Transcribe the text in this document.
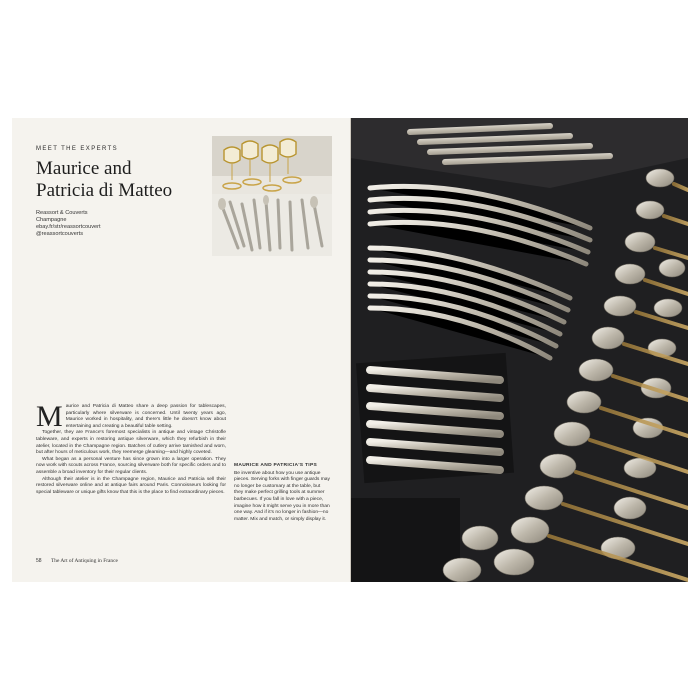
MEET THE EXPERTS
Maurice and
Patricia di Matteo
Reassort & Couverts
Champagne
ebay.fr/str/reassortcouvert
@reassortcouverts

Maurice and Patricia di Matteo share a deep passion for tablescapes, particularly where silverware is concerned. Until twenty years ago, Maurice worked in hospitality, and there's little he doesn't know about entertaining and creating a beautiful table setting.

Together, they are France's foremost specialists in antique and vintage Christofle tableware, and experts in restoring antique silverware, which they refurbish in their atelier, located in the Champagne region. Batches of cutlery arrive tarnished and worn, but after hours of meticulous work, they reemerge gleaming—and highly coveted.

What began as a personal venture has since grown into a larger operation. They now work with scouts across France, sourcing silverware both for specific orders and to assemble a broad inventory for their regular clients.

Although their atelier is in the Champagne region, Maurice and Patricia sell their restored silverware online and at antique fairs around Paris. Connoisseurs looking for special tableware or unique gifts know that this is the place to find extraordinary pieces.

MAURICE AND PATRICIA'S TIPS
Be inventive about how you use antique pieces. Serving forks with finger guards may no longer be customary at the table, but they make perfect grilling tools at summer barbecues. If you fall in love with a piece, imagine how it might serve you in more than one way. And if it's no longer in fashion—no matter. Mix and match, or simply display it.
58 The Art of Antiquing in France
